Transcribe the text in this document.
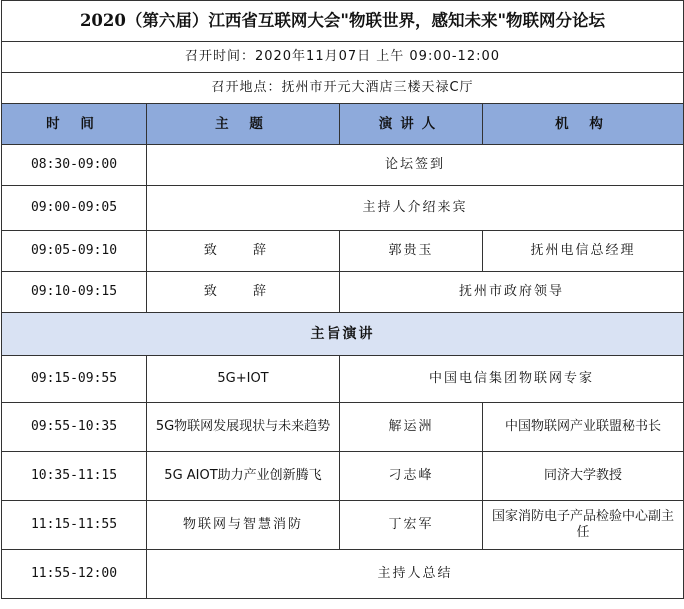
2020（第六届）江西省互联网大会"物联世界，感知未来"物联网分论坛			
召开时间：2020年11月07日 上午 09:00-12:00			
召开地点：抚州市开元大酒店三楼天禄C厅			
时 间	主 题	演讲人	机 构
08:30-09:00	论坛签到		
09:00-09:05	主持人介绍来宾		
09:05-09:10	致 辞	郭贵玉	抚州电信总经理
09:10-09:15	致 辞	抚州市政府领导	
主旨演讲			
09:15-09:55	5G+IOT	中国电信集团物联网专家	
09:55-10:35	5G物联网发展现状与未来趋势	解运洲	中国物联网产业联盟秘书长
10:35-11:15	5G AIOT助力产业创新腾飞	刁志峰	同济大学教授
11:15-11:55	物联网与智慧消防	丁宏军	国家消防电子产品检验中心副主任
11:55-12:00	主持人总结		
